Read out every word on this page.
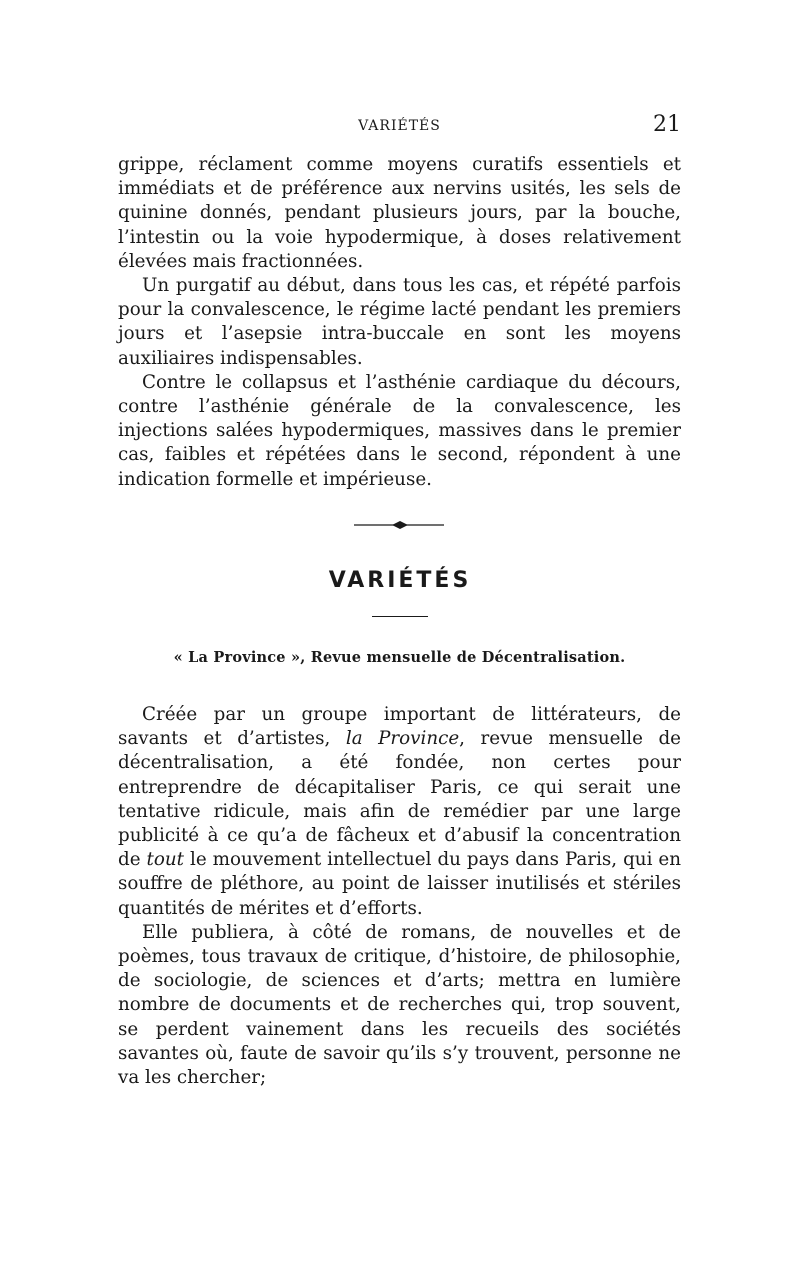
VARIÉTÉS	21

grippe, réclament comme moyens curatifs essentiels et immédiats et de préférence aux nervins usités, les sels de quinine donnés, pendant plusieurs jours, par la bouche, l’intestin ou la voie hypodermique, à doses relativement élevées mais fractionnées.

Un purgatif au début, dans tous les cas, et répété parfois pour la convalescence, le régime lacté pendant les premiers jours et l’asepsie intra-buccale en sont les moyens auxiliaires indispensables.

Contre le collapsus et l’asthénie cardiaque du décours, contre l’asthénie générale de la convalescence, les injections salées hypodermiques, massives dans le premier cas, faibles et répétées dans le second, répondent à une indication formelle et impérieuse.

VARIÉTÉS
« La Province », Revue mensuelle de Décentralisation.

Créée par un groupe important de littérateurs, de savants et d’artistes, la Province, revue mensuelle de décentralisation, a été fondée, non certes pour entreprendre de décapitaliser Paris, ce qui serait une tentative ridicule, mais afin de remédier par une large publicité à ce qu’a de fâcheux et d’abusif la concentration de tout le mouvement intellectuel du pays dans Paris, qui en souffre de pléthore, au point de laisser inutilisés et stériles quantités de mérites et d’efforts.

Elle publiera, à côté de romans, de nouvelles et de poèmes, tous travaux de critique, d’histoire, de philosophie, de sociologie, de sciences et d’arts; mettra en lumière nombre de documents et de recherches qui, trop souvent, se perdent vainement dans les recueils des sociétés savantes où, faute de savoir qu’ils s’y trouvent, personne ne va les chercher;
